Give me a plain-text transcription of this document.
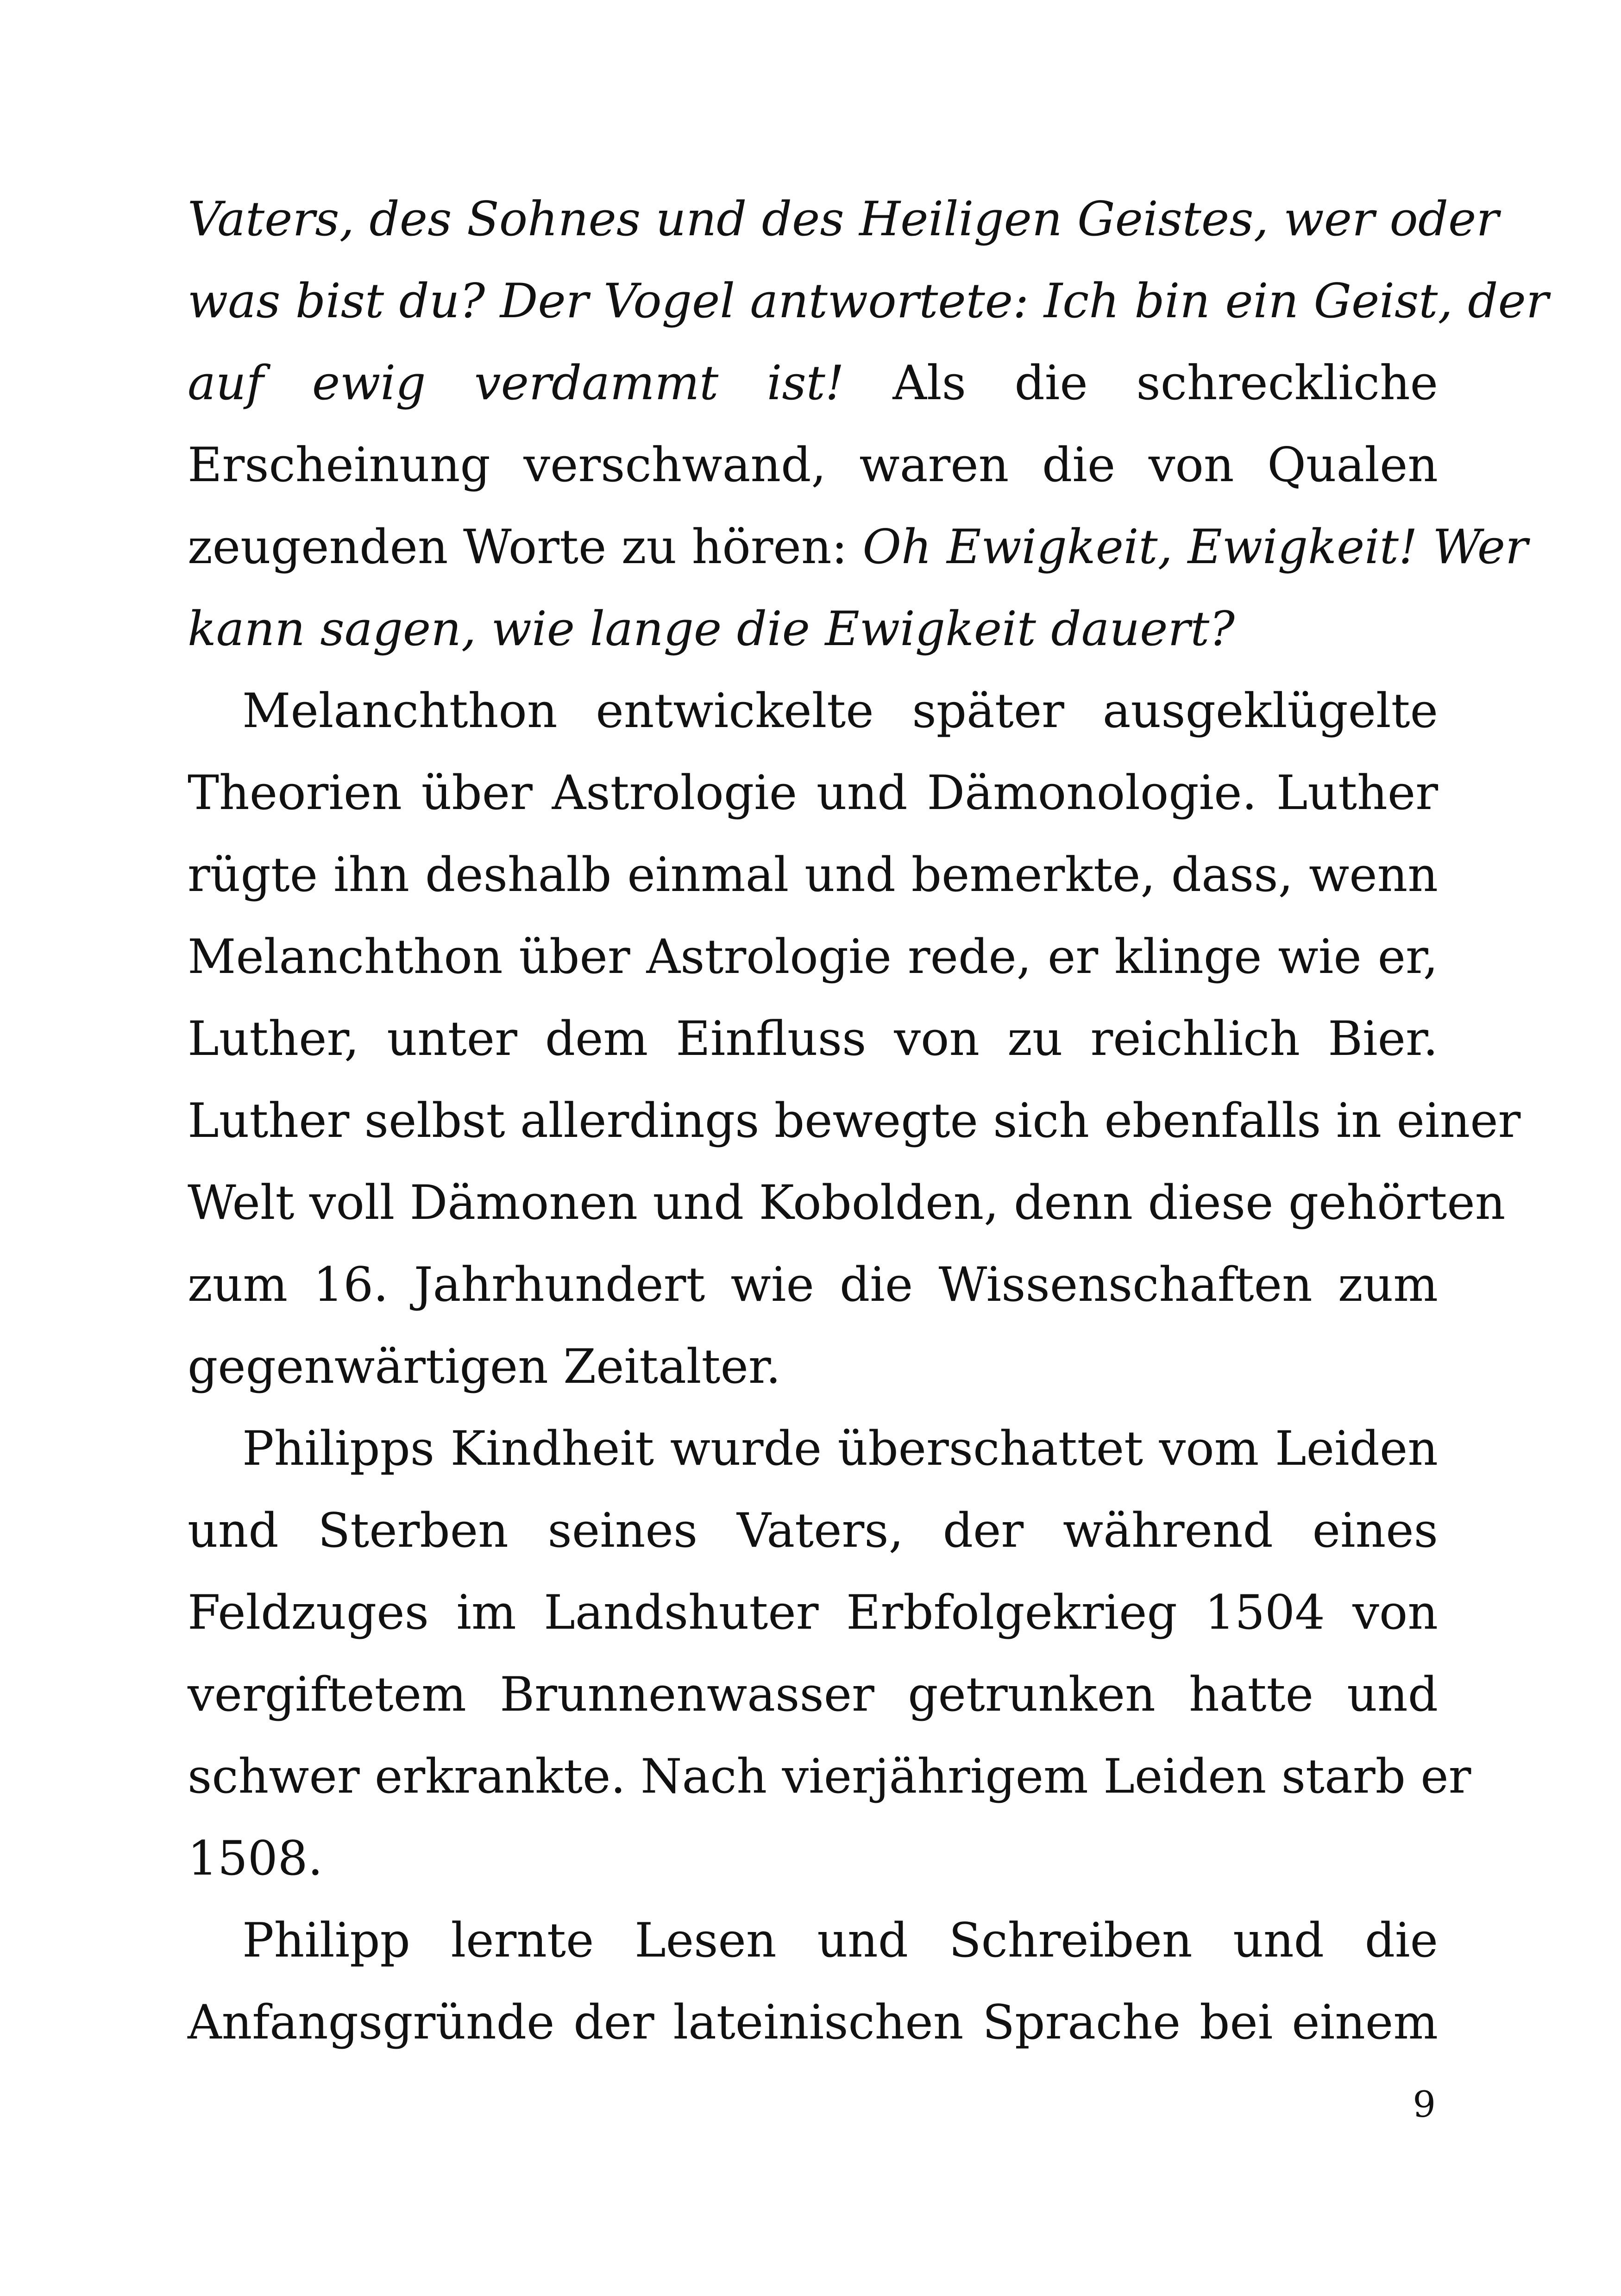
Vaters, des Sohnes und des Heiligen Geistes, wer oder
was bist du? Der Vogel antwortete: Ich bin ein Geist, der
auf ewig verdammt ist! Als die schreckliche
Erscheinung verschwand, waren die von Qualen
zeugenden Worte zu hören: Oh Ewigkeit, Ewigkeit! Wer
kann sagen, wie lange die Ewigkeit dauert?
Melanchthon entwickelte später ausgeklügelte
Theorien über Astrologie und Dämonologie. Luther
rügte ihn deshalb einmal und bemerkte, dass, wenn
Melanchthon über Astrologie rede, er klinge wie er,
Luther, unter dem Einfluss von zu reichlich Bier.
Luther selbst allerdings bewegte sich ebenfalls in einer
Welt voll Dämonen und Kobolden, denn diese gehörten
zum 16. Jahrhundert wie die Wissenschaften zum
gegenwärtigen Zeitalter.
Philipps Kindheit wurde überschattet vom Leiden
und Sterben seines Vaters, der während eines
Feldzuges im Landshuter Erbfolgekrieg 1504 von
vergiftetem Brunnenwasser getrunken hatte und
schwer erkrankte. Nach vierjährigem Leiden starb er
1508.
Philipp lernte Lesen und Schreiben und die
Anfangsgründe der lateinischen Sprache bei einem
9
